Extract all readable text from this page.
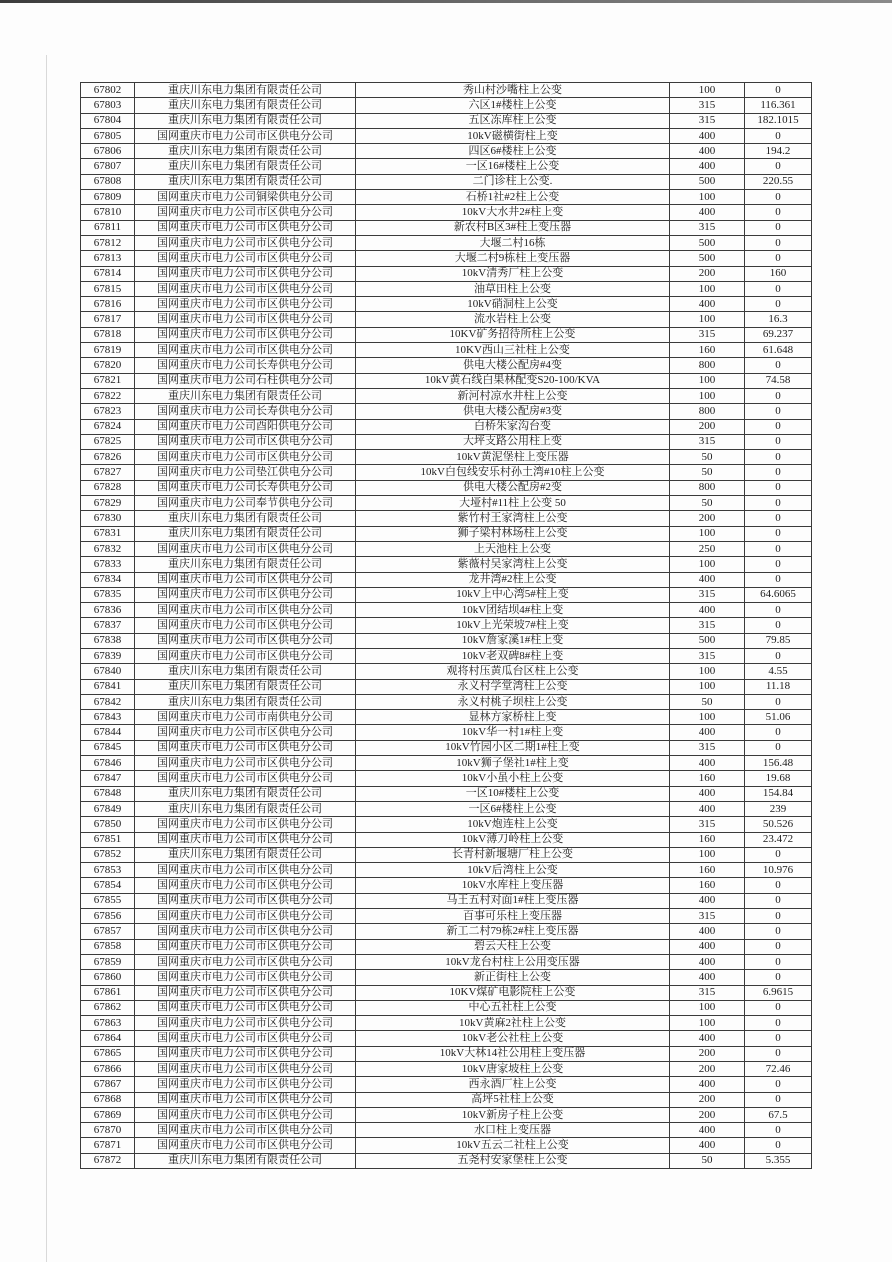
67802	重庆川东电力集团有限责任公司	秀山村沙嘴柱上公变	100	0
67803	重庆川东电力集团有限责任公司	六区1#楼柱上公变	315	116.361
67804	重庆川东电力集团有限责任公司	五区冻库柱上公变	315	182.1015
67805	国网重庆市电力公司市区供电分公司	10kV磁横街柱上变	400	0
67806	重庆川东电力集团有限责任公司	四区6#楼柱上公变	400	194.2
67807	重庆川东电力集团有限责任公司	一区16#楼柱上公变	400	0
67808	重庆川东电力集团有限责任公司	二门诊柱上公变.	500	220.55
67809	国网重庆市电力公司铜梁供电分公司	石桥1社#2柱上公变	100	0
67810	国网重庆市电力公司市区供电分公司	10kV大水井2#柱上变	400	0
67811	国网重庆市电力公司市区供电分公司	新农村B区3#柱上变压器	315	0
67812	国网重庆市电力公司市区供电分公司	大堰二村16栋	500	0
67813	国网重庆市电力公司市区供电分公司	大堰二村9栋柱上变压器	500	0
67814	国网重庆市电力公司市区供电分公司	10kV清秀厂柱上公变	200	160
67815	国网重庆市电力公司市区供电分公司	油草田柱上公变	100	0
67816	国网重庆市电力公司市区供电分公司	10kV硝洞柱上公变	400	0
67817	国网重庆市电力公司市区供电分公司	流水岩柱上公变	100	16.3
67818	国网重庆市电力公司市区供电分公司	10KV矿务招待所柱上公变	315	69.237
67819	国网重庆市电力公司市区供电分公司	10KV西山三社柱上公变	160	61.648
67820	国网重庆市电力公司长寿供电分公司	供电大楼公配房#4变	800	0
67821	国网重庆市电力公司石柱供电分公司	10kV黄石线白果林配变S20-100/KVA	100	74.58
67822	重庆川东电力集团有限责任公司	新河村凉水井柱上公变	100	0
67823	国网重庆市电力公司长寿供电分公司	供电大楼公配房#3变	800	0
67824	国网重庆市电力公司酉阳供电分公司	白桥朱家沟台变	200	0
67825	国网重庆市电力公司市区供电分公司	大坪支路公用柱上变	315	0
67826	国网重庆市电力公司市区供电分公司	10kV黄泥堡柱上变压器	50	0
67827	国网重庆市电力公司垫江供电分公司	10kV白包线安乐村孙土湾#10柱上公变	50	0
67828	国网重庆市电力公司长寿供电分公司	供电大楼公配房#2变	800	0
67829	国网重庆市电力公司奉节供电分公司	大垭村#11柱上公变 50	50	0
67830	重庆川东电力集团有限责任公司	紫竹村王家湾柱上公变	200	0
67831	重庆川东电力集团有限责任公司	狮子梁村林场柱上公变	100	0
67832	国网重庆市电力公司市区供电分公司	上天池柱上公变	250	0
67833	重庆川东电力集团有限责任公司	紫薇村吴家湾柱上公变	100	0
67834	国网重庆市电力公司市区供电分公司	龙井湾#2柱上公变	400	0
67835	国网重庆市电力公司市区供电分公司	10kV上中心湾5#柱上变	315	64.6065
67836	国网重庆市电力公司市区供电分公司	10kV团结坝4#柱上变	400	0
67837	国网重庆市电力公司市区供电分公司	10kV上光荣坡7#柱上变	315	0
67838	国网重庆市电力公司市区供电分公司	10kV詹家溪1#柱上变	500	79.85
67839	国网重庆市电力公司市区供电分公司	10kV老双碑8#柱上变	315	0
67840	重庆川东电力集团有限责任公司	观将村压黄瓜台区柱上公变	100	4.55
67841	重庆川东电力集团有限责任公司	永义村学堂湾柱上公变	100	11.18
67842	重庆川东电力集团有限责任公司	永义村桃子坝柱上公变	50	0
67843	国网重庆市电力公司市南供电分公司	显林方家桥柱上变	100	51.06
67844	国网重庆市电力公司市区供电分公司	10kV华一村1#柱上变	400	0
67845	国网重庆市电力公司市区供电分公司	10kV竹园小区二期1#柱上变	315	0
67846	国网重庆市电力公司市区供电分公司	10kV狮子堡社1#柱上变	400	156.48
67847	国网重庆市电力公司市区供电分公司	10kV小虽小柱上公变	160	19.68
67848	重庆川东电力集团有限责任公司	一区10#楼柱上公变	400	154.84
67849	重庆川东电力集团有限责任公司	一区6#楼柱上公变	400	239
67850	国网重庆市电力公司市区供电分公司	10kV炮连柱上公变	315	50.526
67851	国网重庆市电力公司市区供电分公司	10kV薄刀岭柱上公变	160	23.472
67852	重庆川东电力集团有限责任公司	长青村新堰塘厂柱上公变	100	0
67853	国网重庆市电力公司市区供电分公司	10kV后湾柱上公变	160	10.976
67854	国网重庆市电力公司市区供电分公司	10kV水库柱上变压器	160	0
67855	国网重庆市电力公司市区供电分公司	马王五村对面1#柱上变压器	400	0
67856	国网重庆市电力公司市区供电分公司	百事可乐柱上变压器	315	0
67857	国网重庆市电力公司市区供电分公司	新工二村79栋2#柱上变压器	400	0
67858	国网重庆市电力公司市区供电分公司	碧云天柱上公变	400	0
67859	国网重庆市电力公司市区供电分公司	10kV龙台村柱上公用变压器	400	0
67860	国网重庆市电力公司市区供电分公司	新正街柱上公变	400	0
67861	国网重庆市电力公司市区供电分公司	10KV煤矿电影院柱上公变	315	6.9615
67862	国网重庆市电力公司市区供电分公司	中心五社柱上公变	100	0
67863	国网重庆市电力公司市区供电分公司	10kV黄麻2社柱上公变	100	0
67864	国网重庆市电力公司市区供电分公司	10kV老公社柱上公变	400	0
67865	国网重庆市电力公司市区供电分公司	10kV大林14社公用柱上变压器	200	0
67866	国网重庆市电力公司市区供电分公司	10kV唐家坡柱上公变	200	72.46
67867	国网重庆市电力公司市区供电分公司	西永酒厂柱上公变	400	0
67868	国网重庆市电力公司市区供电分公司	高坪5社柱上公变	200	0
67869	国网重庆市电力公司市区供电分公司	10kV新房子柱上公变	200	67.5
67870	国网重庆市电力公司市区供电分公司	水口柱上变压器	400	0
67871	国网重庆市电力公司市区供电分公司	10kV五云二社柱上公变	400	0
67872	重庆川东电力集团有限责任公司	五尧村安家堡柱上公变	50	5.355
